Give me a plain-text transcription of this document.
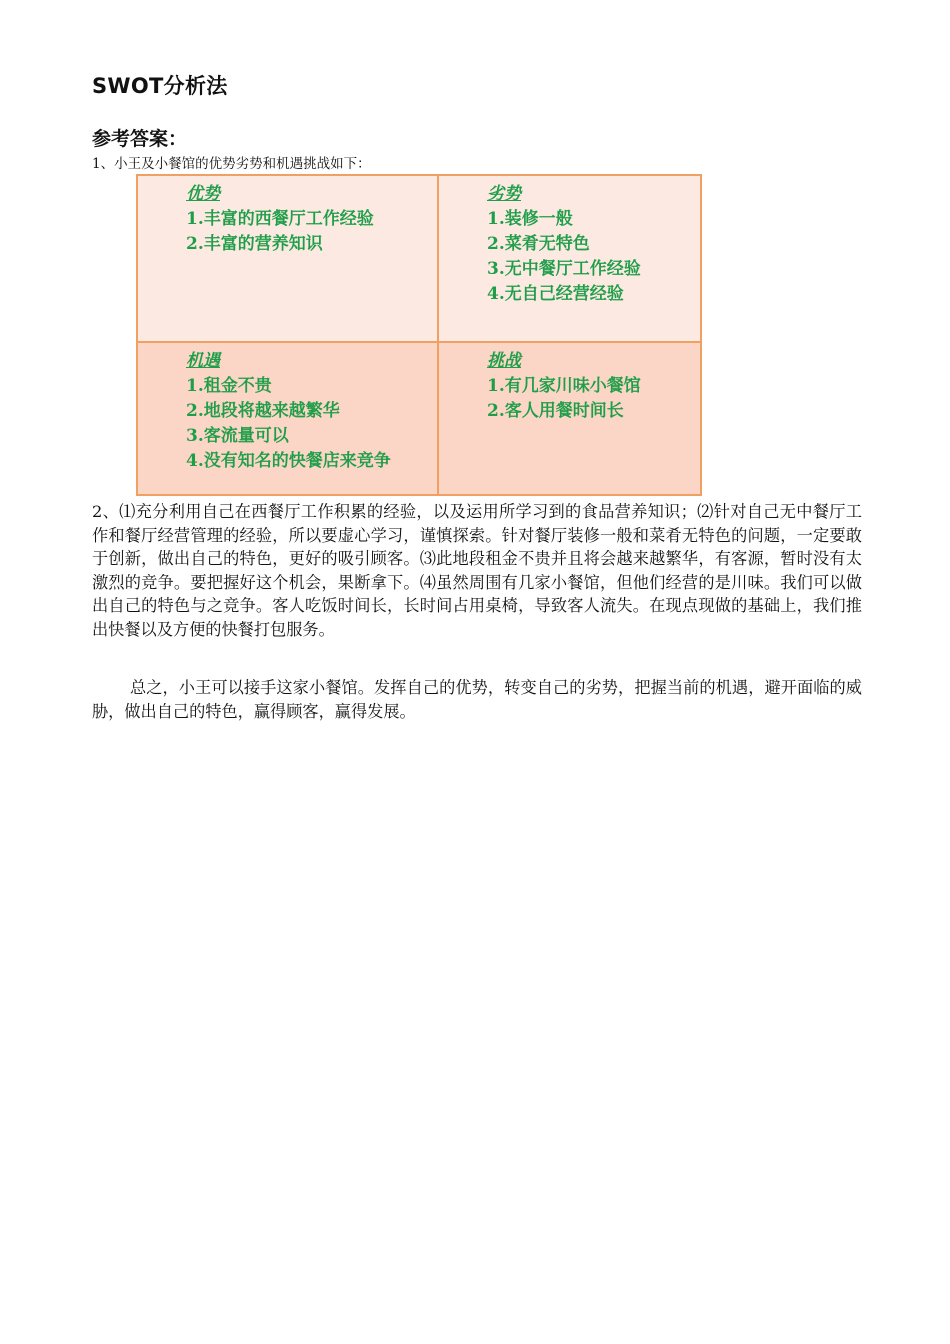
SWOT分析法
参考答案：
1、小王及小餐馆的优势劣势和机遇挑战如下：
优势
1.丰富的西餐厅工作经验
2.丰富的营养知识
劣势
1.装修一般
2.菜肴无特色
3.无中餐厅工作经验
4.无自己经营经验
机遇
1.租金不贵
2.地段将越来越繁华
3.客流量可以
4.没有知名的快餐店来竞争
挑战
1.有几家川味小餐馆
2.客人用餐时间长
2、⑴充分利用自己在西餐厅工作积累的经验，以及运用所学习到的食品营养知识；⑵针对自己无中餐厅工作和餐厅经营管理的经验，所以要虚心学习，谨慎探索。针对餐厅装修一般和菜肴无特色的问题，一定要敢于创新，做出自己的特色，更好的吸引顾客。⑶此地段租金不贵并且将会越来越繁华，有客源，暂时没有太激烈的竞争。要把握好这个机会，果断拿下。⑷虽然周围有几家小餐馆，但他们经营的是川味。我们可以做出自己的特色与之竞争。客人吃饭时间长，长时间占用桌椅，导致客人流失。在现点现做的基础上，我们推出快餐以及方便的快餐打包服务。
总之，小王可以接手这家小餐馆。发挥自己的优势，转变自己的劣势，把握当前的机遇，避开面临的威胁，做出自己的特色，赢得顾客，赢得发展。
